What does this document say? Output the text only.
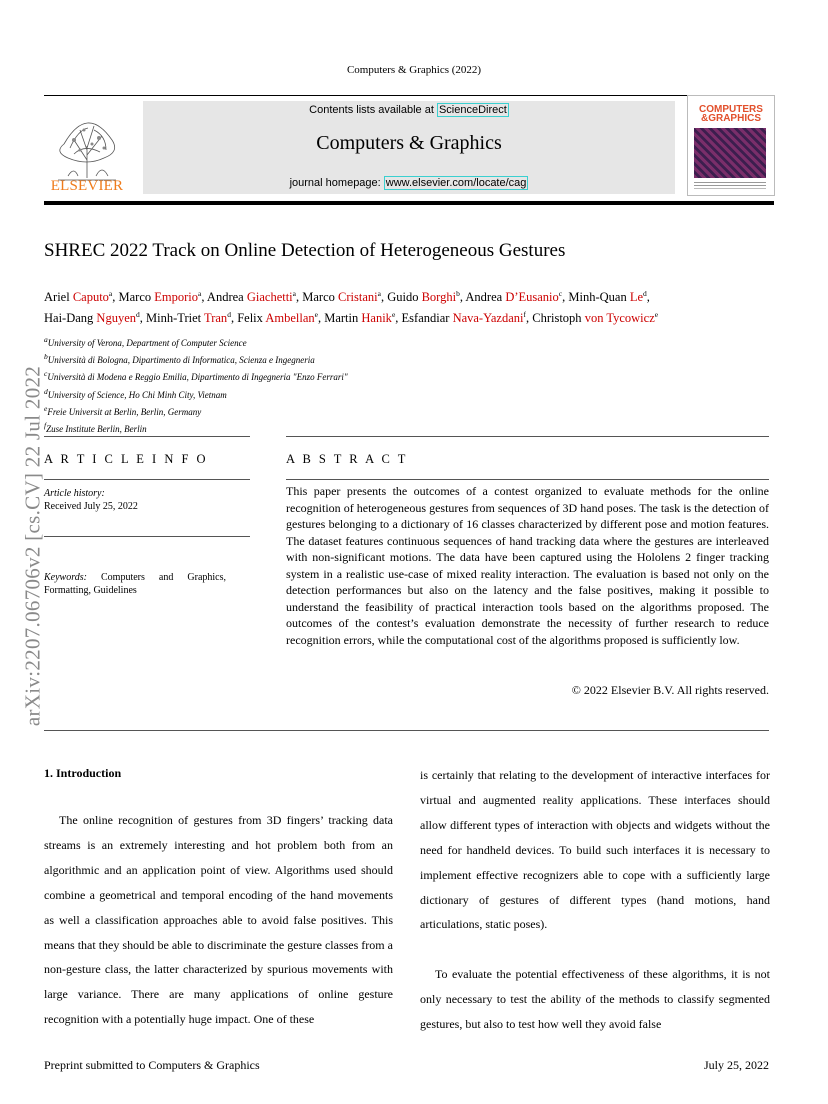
Computers & Graphics (2022)
ELSEVIER
Contents lists available at ScienceDirect
Computers & Graphics
journal homepage: www.elsevier.com/locate/cag
COMPUTERS
&GRAPHICS
arXiv:2207.06706v2 [cs.CV] 22 Jul 2022
SHREC 2022 Track on Online Detection of Heterogeneous Gestures
Ariel Caputo$^a$, Marco Emporio$^a$, Andrea Giachetti$^a$, Marco Cristani$^a$, Guido Borghi$^b$, Andrea D’Eusanio$^c$, Minh-Quan Le$^d$,
Hai-Dang Nguyen$^d$, Minh-Triet Tran$^d$, Felix Ambellan$^e$, Martin Hanik$^e$, Esfandiar Nava-Yazdani$^f$, Christoph von Tycowicz$^e$
$^a$University of Verona, Department of Computer Science
$^b$Università di Bologna, Dipartimento di Informatica, Scienza e Ingegneria
$^c$Università di Modena e Reggio Emilia, Dipartimento di Ingegneria "Enzo Ferrari"
$^d$University of Science, Ho Chi Minh City, Vietnam
$^e$Freie Universit at Berlin, Berlin, Germany
$^f$Zuse Institute Berlin, Berlin
A R T I C L E I N F O
Article history:
Received July 25, 2022
Keywords: Computers and Graphics, Formatting, Guidelines
A B S T R A C T
This paper presents the outcomes of a contest organized to evaluate methods for the online recognition of heterogeneous gestures from sequences of 3D hand poses. The task is the detection of gestures belonging to a dictionary of 16 classes characterized by different pose and motion features. The dataset features continuous sequences of hand tracking data where the gestures are interleaved with non-significant motions. The data have been captured using the Hololens 2 finger tracking system in a realistic use-case of mixed reality interaction. The evaluation is based not only on the detection performances but also on the latency and the false positives, making it possible to understand the feasibility of practical interaction tools based on the algorithms proposed. The outcomes of the contest’s evaluation demonstrate the necessity of further research to reduce recognition errors, while the computational cost of the algorithms proposed is sufficiently low.
© 2022 Elsevier B.V. All rights reserved.
1. Introduction
The online recognition of gestures from 3D fingers’ tracking data streams is an extremely interesting and hot problem both from an algorithmic and an application point of view. Algorithms used should combine a geometrical and temporal encoding of the hand movements as well a classification approaches able to avoid false positives. This means that they should be able to discriminate the gesture classes from a non-gesture class, the latter characterized by spurious movements with large variance. There are many applications of online gesture recognition with a potentially huge impact. One of these
is certainly that relating to the development of interactive interfaces for virtual and augmented reality applications. These interfaces should allow different types of interaction with objects and widgets without the need for handheld devices. To build such interfaces it is necessary to implement effective recognizers able to cope with a sufficiently large dictionary of gestures of different types (hand motions, hand articulations, static poses).
To evaluate the potential effectiveness of these algorithms, it is not only necessary to test the ability of the methods to classify segmented gestures, but also to test how well they avoid false
Preprint submitted to Computers & Graphics	July 25, 2022
